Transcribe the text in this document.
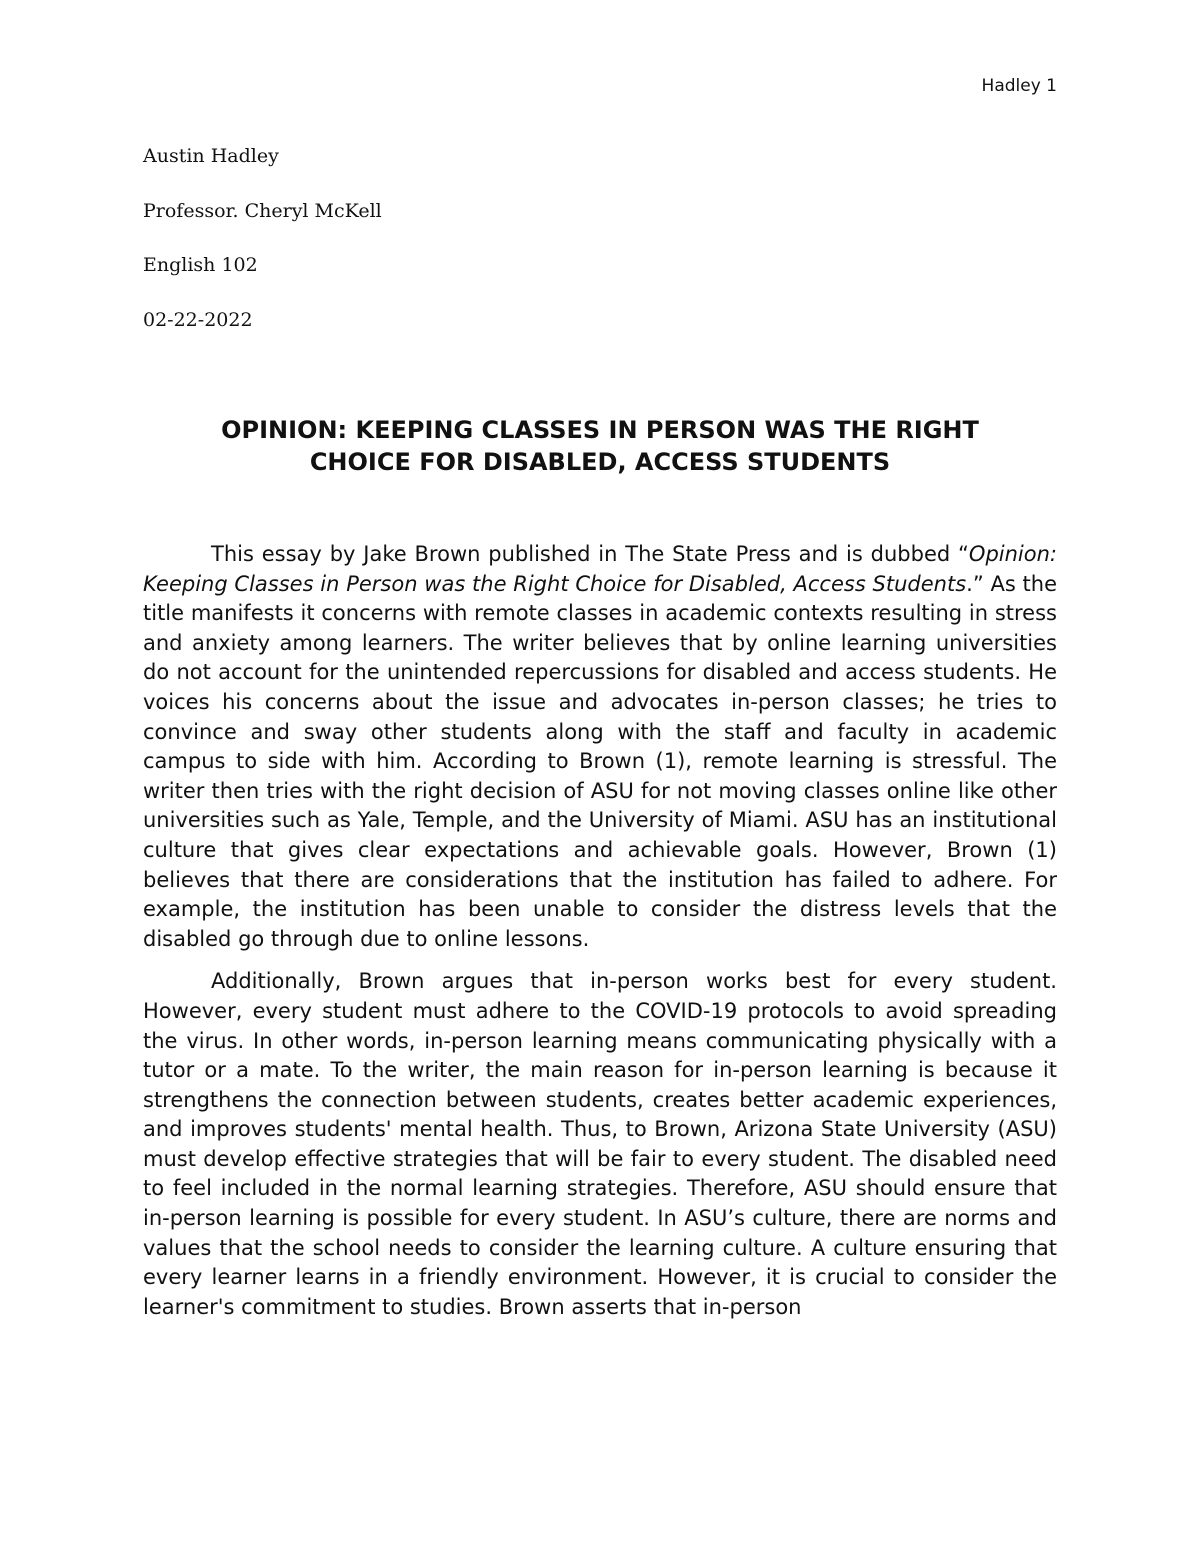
Hadley 1

Austin Hadley

Professor. Cheryl McKell

English 102

02-22-2022

OPINION: KEEPING CLASSES IN PERSON WAS THE RIGHT
CHOICE FOR DISABLED, ACCESS STUDENTS

This essay by Jake Brown published in The State Press and is dubbed “Opinion: Keeping Classes in Person was the Right Choice for Disabled, Access Students.” As the title manifests it concerns with remote classes in academic contexts resulting in stress and anxiety among learners. The writer believes that by online learning universities do not account for the unintended repercussions for disabled and access students. He voices his concerns about the issue and advocates in-person classes; he tries to convince and sway other students along with the staff and faculty in academic campus to side with him. According to Brown (1), remote learning is stressful. The writer then tries with the right decision of ASU for not moving classes online like other universities such as Yale, Temple, and the University of Miami. ASU has an institutional culture that gives clear expectations and achievable goals. However, Brown (1) believes that there are considerations that the institution has failed to adhere. For example, the institution has been unable to consider the distress levels that the disabled go through due to online lessons.

Additionally, Brown argues that in-person works best for every student. However, every student must adhere to the COVID-19 protocols to avoid spreading the virus. In other words, in-person learning means communicating physically with a tutor or a mate. To the writer, the main reason for in-person learning is because it strengthens the connection between students, creates better academic experiences, and improves students' mental health. Thus, to Brown, Arizona State University (ASU) must develop effective strategies that will be fair to every student. The disabled need to feel included in the normal learning strategies. Therefore, ASU should ensure that in-person learning is possible for every student. In ASU’s culture, there are norms and values that the school needs to consider the learning culture. A culture ensuring that every learner learns in a friendly environment. However, it is crucial to consider the learner's commitment to studies. Brown asserts that in-person
